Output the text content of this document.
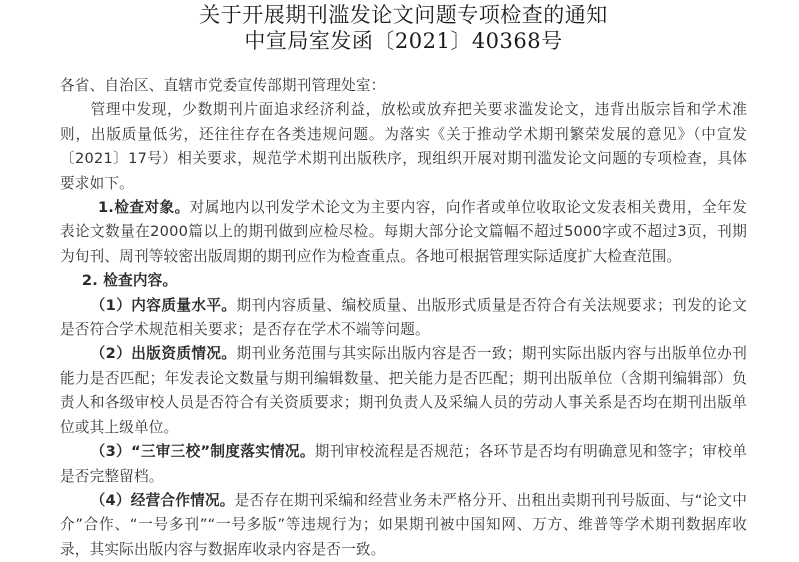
关于开展期刊滥发论文问题专项检查的通知
中宣局室发函〔2021〕40368号

各省、自治区、直辖市党委宣传部期刊管理处室：

管理中发现，少数期刊片面追求经济利益，放松或放弃把关要求滥发论文，违背出版宗旨和学术准则，出版质量低劣，还往往存在各类违规问题。为落实《关于推动学术期刊繁荣发展的意见》（中宣发〔2021〕17号）相关要求，规范学术期刊出版秩序，现组织开展对期刊滥发论文问题的专项检查，具体要求如下。

1.检查对象。对属地内以刊发学术论文为主要内容，向作者或单位收取论文发表相关费用，全年发表论文数量在2000篇以上的期刊做到应检尽检。每期大部分论文篇幅不超过5000字或不超过3页，刊期为旬刊、周刊等较密出版周期的期刊应作为检查重点。各地可根据管理实际适度扩大检查范围。

2. 检查内容。

（1）内容质量水平。期刊内容质量、编校质量、出版形式质量是否符合有关法规要求；刊发的论文是否符合学术规范相关要求；是否存在学术不端等问题。

（2）出版资质情况。期刊业务范围与其实际出版内容是否一致；期刊实际出版内容与出版单位办刊能力是否匹配；年发表论文数量与期刊编辑数量、把关能力是否匹配；期刊出版单位（含期刊编辑部）负责人和各级审校人员是否符合有关资质要求；期刊负责人及采编人员的劳动人事关系是否均在期刊出版单位或其上级单位。

（3）“三审三校”制度落实情况。期刊审校流程是否规范；各环节是否均有明确意见和签字；审校单是否完整留档。

（4）经营合作情况。是否存在期刊采编和经营业务未严格分开、出租出卖期刊刊号版面、与“论文中介”合作、“一号多刊”“一号多版”等违规行为；如果期刊被中国知网、万方、维普等学术期刊数据库收录，其实际出版内容与数据库收录内容是否一致。
